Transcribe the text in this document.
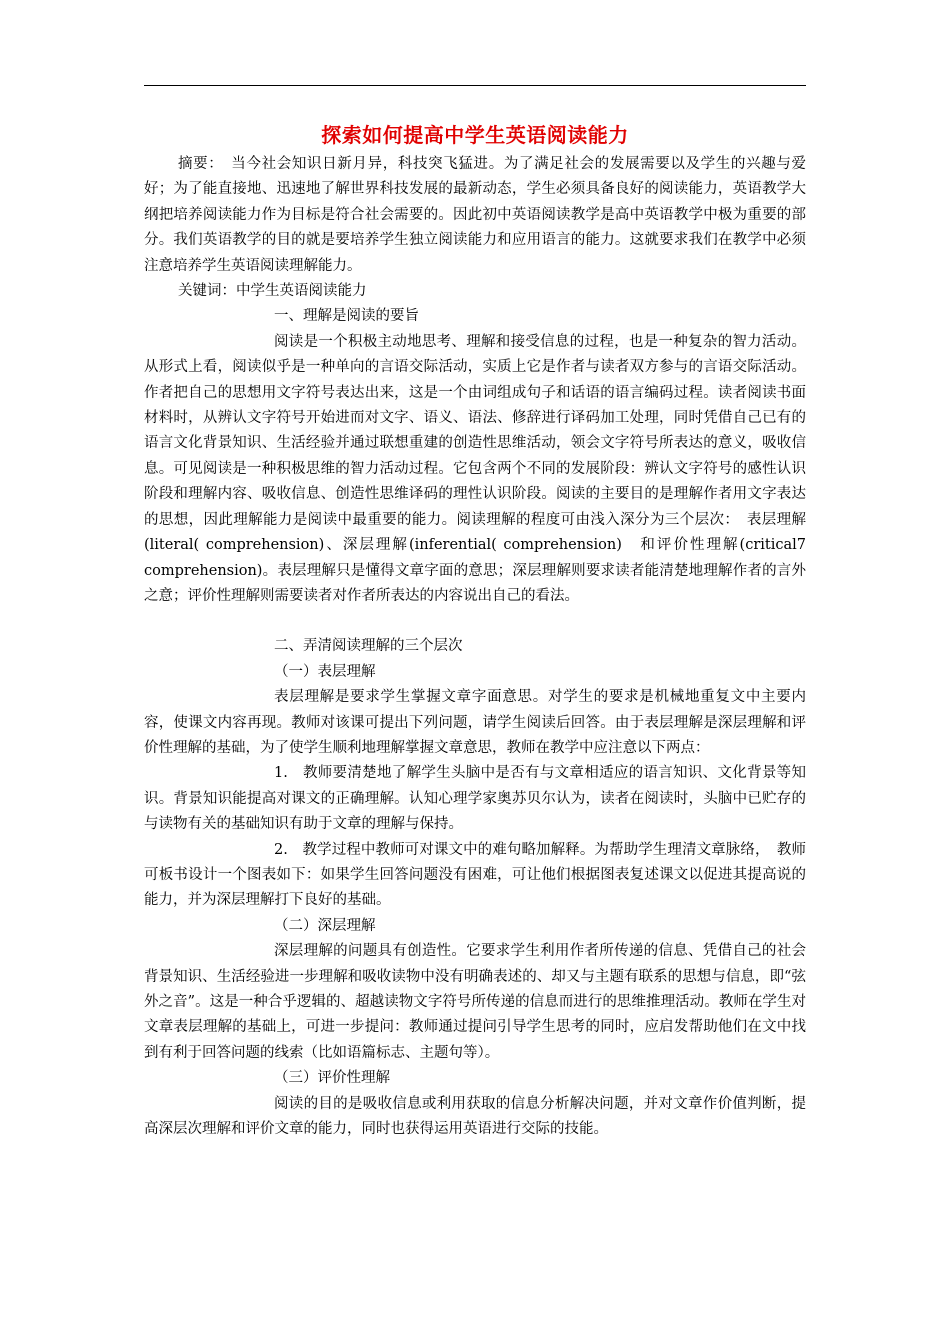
探索如何提高中学生英语阅读能力

摘要：　当今社会知识日新月异，科技突飞猛进。为了满足社会的发展需要以及学生的兴趣与爱好；为了能直接地、迅速地了解世界科技发展的最新动态，学生必须具备良好的阅读能力，英语教学大纲把培养阅读能力作为目标是符合社会需要的。因此初中英语阅读教学是高中英语教学中极为重要的部分。我们英语教学的目的就是要培养学生独立阅读能力和应用语言的能力。这就要求我们在教学中必须注意培养学生英语阅读理解能力。

关键词：中学生英语阅读能力

一、理解是阅读的要旨

阅读是一个积极主动地思考、理解和接受信息的过程，也是一种复杂的智力活动。从形式上看，阅读似乎是一种单向的言语交际活动，实质上它是作者与读者双方参与的言语交际活动。作者把自己的思想用文字符号表达出来，这是一个由词组成句子和话语的语言编码过程。读者阅读书面材料时，从辨认文字符号开始进而对文字、语义、语法、修辞进行译码加工处理，同时凭借自己已有的语言文化背景知识、生活经验并通过联想重建的创造性思维活动，领会文字符号所表达的意义，吸收信息。可见阅读是一种积极思维的智力活动过程。它包含两个不同的发展阶段：辨认文字符号的感性认识阶段和理解内容、吸收信息、创造性思维译码的理性认识阶段。阅读的主要目的是理解作者用文字表达的思想，因此理解能力是阅读中最重要的能力。阅读理解的程度可由浅入深分为三个层次：　表层理解(literal( comprehension)、深层理解(inferential( comprehension)　和评价性理解(critical7 comprehension)。表层理解只是懂得文章字面的意思；深层理解则要求读者能清楚地理解作者的言外之意；评价性理解则需要读者对作者所表达的内容说出自己的看法。

二、弄清阅读理解的三个层次

（一）表层理解

表层理解是要求学生掌握文章字面意思。对学生的要求是机械地重复文中主要内容，使课文内容再现。教师对该课可提出下列问题，请学生阅读后回答。由于表层理解是深层理解和评价性理解的基础，为了使学生顺利地理解掌握文章意思，教师在教学中应注意以下两点：

1.　教师要清楚地了解学生头脑中是否有与文章相适应的语言知识、文化背景等知识。背景知识能提高对课文的正确理解。认知心理学家奥苏贝尔认为，读者在阅读时，头脑中已贮存的与读物有关的基础知识有助于文章的理解与保持。

2.　教学过程中教师可对课文中的难句略加解释。为帮助学生理清文章脉络，　教师可板书设计一个图表如下：如果学生回答问题没有困难，可让他们根据图表复述课文以促进其提高说的能力，并为深层理解打下良好的基础。

（二）深层理解

深层理解的问题具有创造性。它要求学生利用作者所传递的信息、凭借自己的社会背景知识、生活经验进一步理解和吸收读物中没有明确表述的、却又与主题有联系的思想与信息，即“弦外之音”。这是一种合乎逻辑的、超越读物文字符号所传递的信息而进行的思维推理活动。教师在学生对文章表层理解的基础上，可进一步提问：教师通过提问引导学生思考的同时，应启发帮助他们在文中找到有利于回答问题的线索（比如语篇标志、主题句等）。

（三）评价性理解

阅读的目的是吸收信息或利用获取的信息分析解决问题，并对文章作价值判断，提高深层次理解和评价文章的能力，同时也获得运用英语进行交际的技能。
